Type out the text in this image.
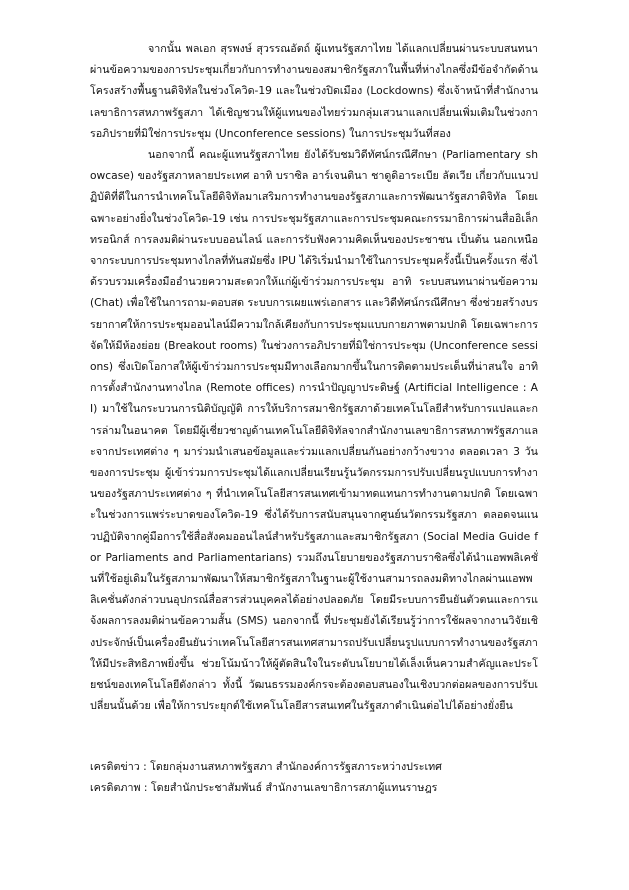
จากนั้น พลเอก สุรพงษ์ สุวรรณอัตถ์ ผู้แทนรัฐสภาไทย ได้แลกเปลี่ยนผ่านระบบสนทนาผ่านข้อความของการประชุมเกี่ยวกับการทำงานของสมาชิกรัฐสภาในพื้นที่ห่างไกลซึ่งมีข้อจำกัดด้านโครงสร้างพื้นฐานดิจิทัลในช่วงโควิด-19 และในช่วงปิดเมือง (Lockdowns) ซึ่งเจ้าหน้าที่สำนักงานเลขาธิการสหภาพรัฐสภา ได้เชิญชวนให้ผู้แทนของไทยร่วมกลุ่มเสวนาแลกเปลี่ยนเพิ่มเติมในช่วงการอภิปรายที่มิใช่การประชุม (Unconference sessions) ในการประชุมวันที่สอง

นอกจากนี้ คณะผู้แทนรัฐสภาไทย ยังได้รับชมวิดีทัศน์กรณีศึกษา (Parliamentary showcase) ของรัฐสภาหลายประเทศ อาทิ บราซิล อาร์เจนตินา ชาดูดิอาระเบีย ลัตเวีย เกี่ยวกับแนวปฏิบัติที่ดีในการนำเทคโนโลยีดิจิทัลมาเสริมการทำงานของรัฐสภาและการพัฒนารัฐสภาดิจิทัล โดยเฉพาะอย่างยิ่งในช่วงโควิด-19 เช่น การประชุมรัฐสภาและการประชุมคณะกรรมาธิการผ่านสื่ออิเล็กทรอนิกส์ การลงมติผ่านระบบออนไลน์ และการรับฟังความคิดเห็นของประชาชน เป็นต้น นอกเหนือจากระบบการประชุมทางไกลที่ทันสมัยซึ่ง IPU ได้ริเริ่มนำมาใช้ในการประชุมครั้งนี้เป็นครั้งแรก ซึ่งได้รวบรวมเครื่องมืออำนวยความสะดวกให้แก่ผู้เข้าร่วมการประชุม อาทิ ระบบสนทนาผ่านข้อความ (Chat) เพื่อใช้ในการถาม-ตอบสด ระบบการเผยแพร่เอกสาร และวิดีทัศน์กรณีศึกษา ซึ่งช่วยสร้างบรรยากาศให้การประชุมออนไลน์มีความใกล้เคียงกับการประชุมแบบกายภาพตามปกติ โดยเฉพาะการจัดให้มีห้องย่อย (Breakout rooms) ในช่วงการอภิปรายที่มิใช่การประชุม (Unconference sessions) ซึ่งเปิดโอกาสให้ผู้เข้าร่วมการประชุมมีทางเลือกมากขึ้นในการติดตามประเด็นที่น่าสนใจ อาทิ การตั้งสำนักงานทางไกล (Remote offices) การนำปัญญาประดิษฐ์ (Artificial Intelligence : AI) มาใช้ในกระบวนการนิติบัญญัติ การให้บริการสมาชิกรัฐสภาด้วยเทคโนโลยีสำหรับการแปลและการล่ามในอนาคต โดยมีผู้เชี่ยวชาญด้านเทคโนโลยีดิจิทัลจากสำนักงานเลขาธิการสหภาพรัฐสภาและจากประเทศต่าง ๆ มาร่วมนำเสนอข้อมูลและร่วมแลกเปลี่ยนกันอย่างกว้างขวาง ตลอดเวลา 3 วันของการประชุม ผู้เข้าร่วมการประชุมได้แลกเปลี่ยนเรียนรู้นวัตกรรมการปรับเปลี่ยนรูปแบบการทำงานของรัฐสภาประเทศต่าง ๆ ที่นำเทคโนโลยีสารสนเทศเข้ามาทดแทนการทำงานตามปกติ โดยเฉพาะในช่วงการแพร่ระบาดของโควิด-19 ซึ่งได้รับการสนับสนุนจากศูนย์นวัตกรรมรัฐสภา ตลอดจนแนวปฏิบัติจากคู่มือการใช้สื่อสังคมออนไลน์สำหรับรัฐสภาและสมาชิกรัฐสภา (Social Media Guide for Parliaments and Parliamentarians) รวมถึงนโยบายของรัฐสภาบราซิลซึ่งได้นำแอพพลิเคชั่นที่ใช้อยู่เดิมในรัฐสภามาพัฒนาให้สมาชิกรัฐสภาในฐานะผู้ใช้งานสามารถลงมติทางไกลผ่านแอพพลิเคชั่นดังกล่าวบนอุปกรณ์สื่อสารส่วนบุคคลได้อย่างปลอดภัย โดยมีระบบการยืนยันตัวตนและการแจ้งผลการลงมติผ่านข้อความสั้น (SMS) นอกจากนี้ ที่ประชุมยังได้เรียนรู้ว่าการใช้ผลจากงานวิจัยเชิงประจักษ์เป็นเครื่องยืนยันว่าเทคโนโลยีสารสนเทศสามารถปรับเปลี่ยนรูปแบบการทำงานของรัฐสภาให้มีประสิทธิภาพยิ่งขึ้น ช่วยโน้มน้าวให้ผู้ตัดสินใจในระดับนโยบายได้เล็งเห็นความสำคัญและประโยชน์ของเทคโนโลยีดังกล่าว ทั้งนี้ วัฒนธรรมองค์กรจะต้องตอบสนองในเชิงบวกต่อผลของการปรับเปลี่ยนนั้นด้วย เพื่อให้การประยุกต์ใช้เทคโนโลยีสารสนเทศในรัฐสภาดำเนินต่อไปได้อย่างยั่งยืน

เครดิตข่าว : โดยกลุ่มงานสหภาพรัฐสภา สำนักองค์การรัฐสภาระหว่างประเทศ

เครดิตภาพ : โดยสำนักประชาสัมพันธ์ สำนักงานเลขาธิการสภาผู้แทนราษฎร
